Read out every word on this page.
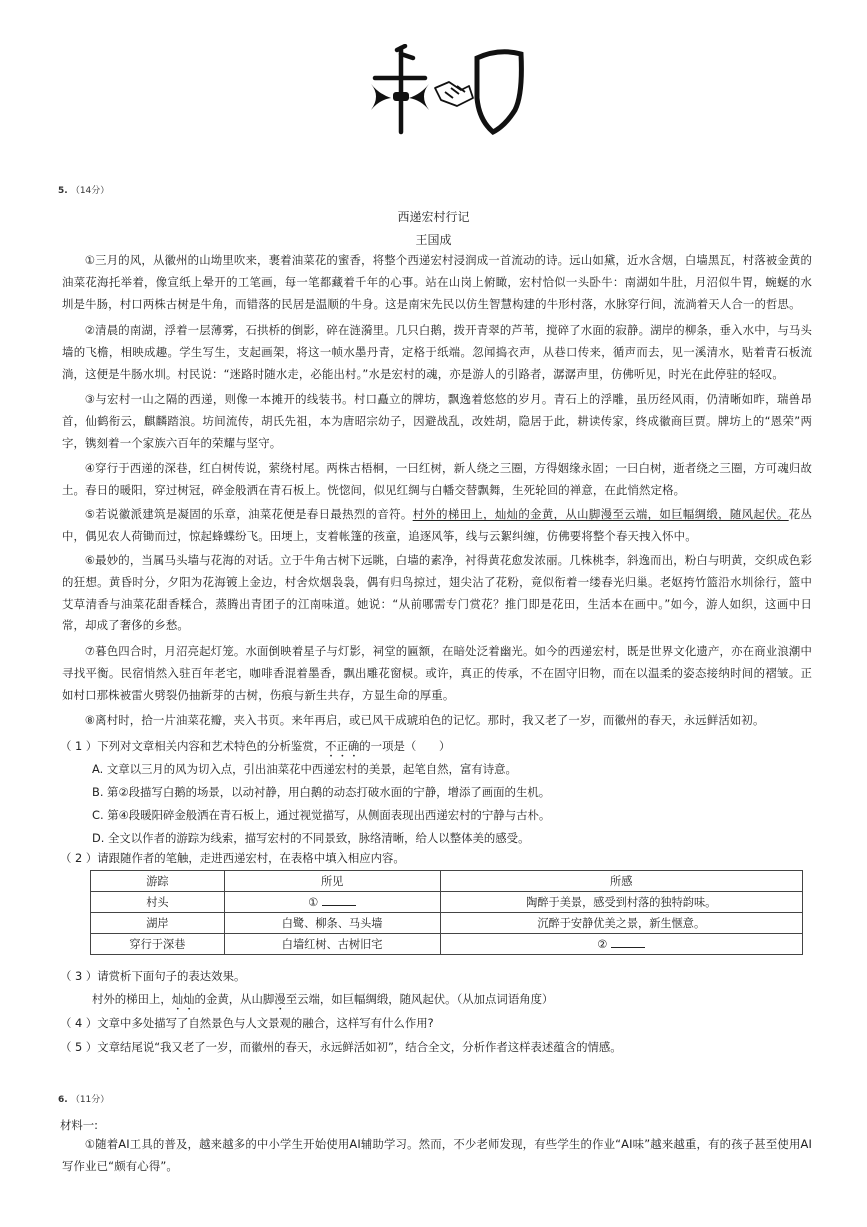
5. （14分）
西递宏村行记
王国成

①三月的风，从徽州的山坳里吹来，裹着油菜花的蜜香，将整个西递宏村浸润成一首流动的诗。远山如黛，近水含烟，白墙黑瓦，村落被金黄的油菜花海托举着，像宣纸上晕开的工笔画，每一笔都藏着千年的心事。站在山岗上俯瞰，宏村恰似一头卧牛：南湖如牛肚，月沼似牛胃，蜿蜒的水圳是牛肠，村口两株古树是牛角，而错落的民居是温顺的牛身。这是南宋先民以仿生智慧构建的牛形村落，水脉穿行间，流淌着天人合一的哲思。

②清晨的南湖，浮着一层薄雾，石拱桥的倒影，碎在涟漪里。几只白鹅，拨开青翠的芦苇，搅碎了水面的寂静。湖岸的柳条，垂入水中，与马头墙的飞檐，相映成趣。学生写生，支起画架，将这一帧水墨丹青，定格于纸端。忽闻捣衣声，从巷口传来，循声而去，见一溪清水，贴着青石板流淌，这便是牛肠水圳。村民说：“迷路时随水走，必能出村。”水是宏村的魂，亦是游人的引路者，潺潺声里，仿佛听见，时光在此停驻的轻叹。

③与宏村一山之隔的西递，则像一本摊开的线装书。村口矗立的牌坊，飘逸着悠悠的岁月。青石上的浮雕，虽历经风雨，仍清晰如昨，瑞兽昂首，仙鹤衔云，麒麟踏浪。坊间流传，胡氏先祖，本为唐昭宗幼子，因避战乱，改姓胡，隐居于此，耕读传家，终成徽商巨贾。牌坊上的“恩荣”两字，镌刻着一个家族六百年的荣耀与坚守。

④穿行于西递的深巷，红白树传说，萦绕村尾。两株古梧桐，一曰红树，新人绕之三圈，方得姻缘永固；一曰白树，逝者绕之三圈，方可魂归故土。春日的暖阳，穿过树冠，碎金般洒在青石板上。恍惚间，似见红绸与白幡交替飘舞，生死轮回的禅意，在此悄然定格。

⑤若说徽派建筑是凝固的乐章，油菜花便是春日最热烈的音符。村外的梯田上，灿灿的金黄，从山脚漫至云端，如巨幅绸缎，随风起伏。花丛中，偶见农人荷锄而过，惊起蜂蝶纷飞。田埂上，支着帐篷的孩童，追逐风筝，线与云絮纠缠，仿佛要将整个春天拽入怀中。

⑥最妙的，当属马头墙与花海的对话。立于牛角古树下远眺，白墙的素净，衬得黄花愈发浓丽。几株桃李，斜逸而出，粉白与明黄，交织成色彩的狂想。黄昏时分，夕阳为花海镀上金边，村舍炊烟袅袅，偶有归鸟掠过，翅尖沾了花粉，竟似衔着一缕春光归巢。老妪挎竹篮沿水圳徐行，篮中艾草清香与油菜花甜香糅合，蒸腾出青团子的江南味道。她说：“从前哪需专门赏花？推门即是花田，生活本在画中。”如今，游人如织，这画中日常，却成了奢侈的乡愁。

⑦暮色四合时，月沼亮起灯笼。水面倒映着星子与灯影，祠堂的匾额，在暗处泛着幽光。如今的西递宏村，既是世界文化遗产，亦在商业浪潮中寻找平衡。民宿悄然入驻百年老宅，咖啡香混着墨香，飘出雕花窗棂。或许，真正的传承，不在固守旧物，而在以温柔的姿态接纳时间的褶皱。正如村口那株被雷火劈裂仍抽新芽的古树，伤痕与新生共存，方显生命的厚重。

⑧离村时，拾一片油菜花瓣，夹入书页。来年再启，或已风干成琥珀色的记忆。那时，我又老了一岁，而徽州的春天，永远鲜活如初。

（ 1 ）下列对文章相关内容和艺术特色的分析鉴赏，不正确的一项是（　　）
A. 文章以三月的风为切入点，引出油菜花中西递宏村的美景，起笔自然，富有诗意。
B. 第②段描写白鹅的场景，以动衬静，用白鹅的动态打破水面的宁静，增添了画面的生机。
C. 第④段暖阳碎金般洒在青石板上，通过视觉描写，从侧面表现出西递宏村的宁静与古朴。
D. 全文以作者的游踪为线索，描写宏村的不同景致，脉络清晰，给人以整体美的感受。
（ 2 ）请跟随作者的笔触，走进西递宏村，在表格中填入相应内容。
游踪	所见	所感
村头	①	陶醉于美景，感受到村落的独特韵味。
湖岸	白鹭、柳条、马头墙	沉醉于安静优美之景，新生惬意。
穿行于深巷	白墙红树、古树旧宅	②
（ 3 ）请赏析下面句子的表达效果。
村外的梯田上，灿灿的金黄，从山脚漫至云端，如巨幅绸缎，随风起伏。（从加点词语角度）
（ 4 ）文章中多处描写了自然景色与人文景观的融合，这样写有什么作用?
（ 5 ）文章结尾说“我又老了一岁，而徽州的春天，永远鲜活如初”，结合全文，分析作者这样表述蕴含的情感。
6. （11分）
材料一:

①随着AI工具的普及，越来越多的中小学生开始使用AI辅助学习。然而，不少老师发现，有些学生的作业“AI味”越来越重，有的孩子甚至使用AI写作业已“颇有心得”。
